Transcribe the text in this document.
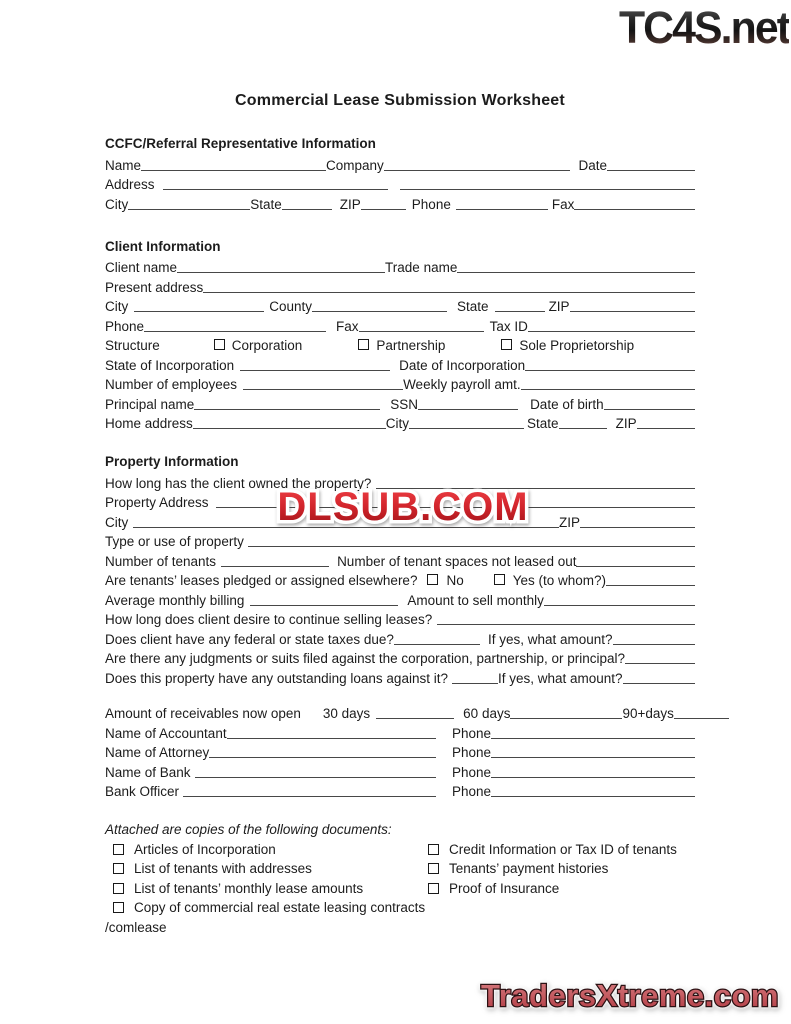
TC4S.net
Commercial Lease Submission Worksheet
CCFC/Referral Representative Information
Name	Company	Date
Address
City	State	ZIP	Phone	Fax
Client Information
Client name	Trade name
Present address
City	County	State	ZIP
Phone	Fax	Tax ID
Structure	Corporation	Partnership	Sole Proprietorship
State of Incorporation	Date of Incorporation
Number of employees	Weekly payroll amt.
Principal name	SSN	Date of birth
Home address	City	State	ZIP
Property Information
How long has the client owned the property?
Property Address
City	ZIP
Type or use of property
Number of tenants	Number of tenant spaces not leased out
Are tenants’ leases pledged or assigned elsewhere? No	Yes (to whom?)
Average monthly billing	Amount to sell monthly
How long does client desire to continue selling leases?
Does client have any federal or state taxes due?	If yes, what amount?
Are there any judgments or suits filed against the corporation, partnership, or principal?
Does this property have any outstanding loans against it?	If yes, what amount?
Amount of receivables now open 30 days	60 days	90+days
Name of Accountant	Phone
Name of Attorney	Phone
Name of Bank	Phone
Bank Officer	Phone
Attached are copies of the following documents:
Articles of Incorporation	Credit Information or Tax ID of tenants
List of tenants with addresses	Tenants’ payment histories
List of tenants’ monthly lease amounts	Proof of Insurance
Copy of commercial real estate leasing contracts
/comlease
DLSUB.COM
TradersXtreme.com
